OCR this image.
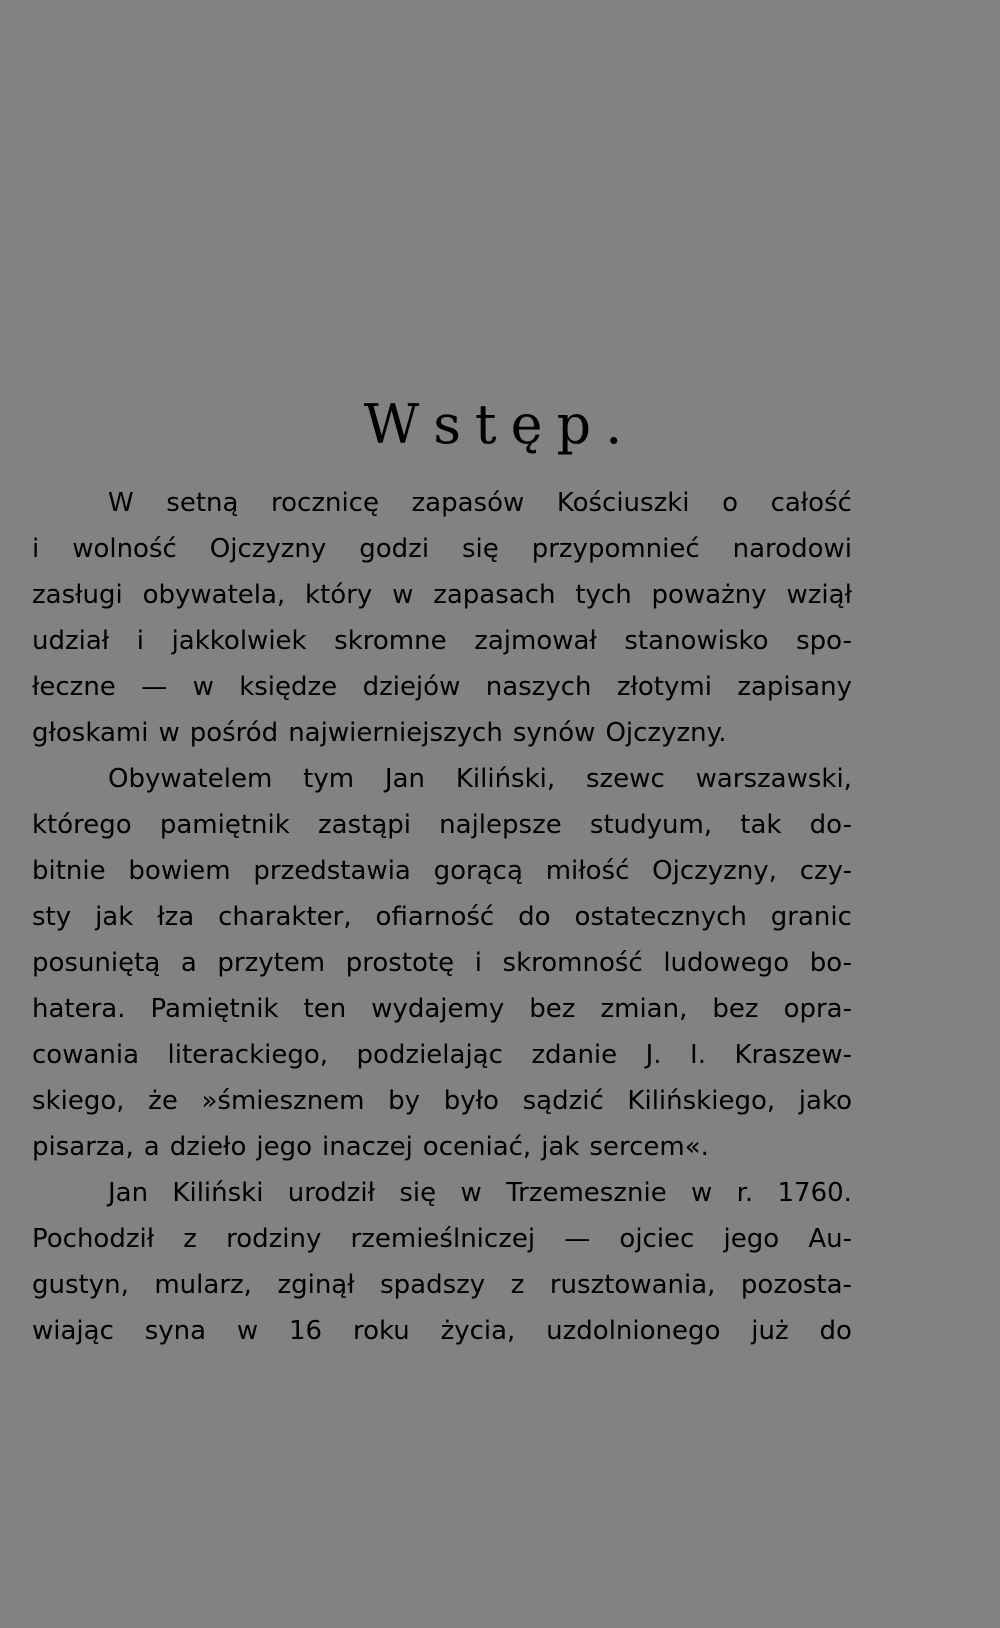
Wstęp.
W setną rocznicę zapasów Kościuszki o całość
i wolność Ojczyzny godzi się przypomnieć narodowi
zasługi obywatela, który w zapasach tych poważny wziął
udział i jakkolwiek skromne zajmował stanowisko spo-
łeczne — w księdze dziejów naszych złotymi zapisany
głoskami w pośród najwierniejszych synów Ojczyzny.
Obywatelem tym Jan Kiliński, szewc warszawski,
którego pamiętnik zastąpi najlepsze studyum, tak do-
bitnie bowiem przedstawia gorącą miłość Ojczyzny, czy-
sty jak łza charakter, ofiarność do ostatecznych granic
posuniętą a przytem prostotę i skromność ludowego bo-
hatera. Pamiętnik ten wydajemy bez zmian, bez opra-
cowania literackiego, podzielając zdanie J. I. Kraszew-
skiego, że »śmiesznem by było sądzić Kilińskiego, jako
pisarza, a dzieło jego inaczej oceniać, jak sercem«.
Jan Kiliński urodził się w Trzemesznie w r. 1760.
Pochodził z rodziny rzemieślniczej — ojciec jego Au-
gustyn, mularz, zginął spadszy z rusztowania, pozosta-
wiając syna w 16 roku życia, uzdolnionego już do
